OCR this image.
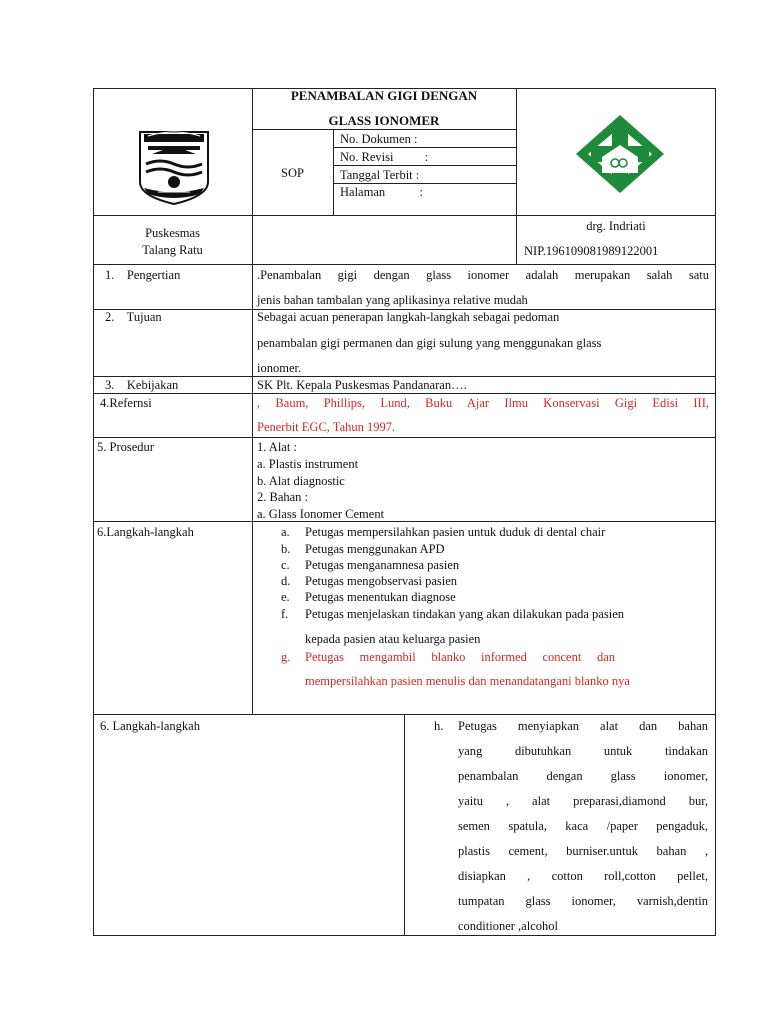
PENAMBALAN GIGI DENGAN
GLASS IONOMER
SOP
No. Dokumen :
No. Revisi          :
Tanggal Terbit :
Halaman           :
Puskesmas
Talang Ratu
drg. Indriati
NIP.196109081989122001
1.    Pengertian	.Penambalan gigi dengan glass ionomer adalah merupakan salah satu
jenis bahan tambalan yang aplikasinya relative mudah
2.    Tujuan	Sebagai acuan penerapan langkah-langkah sebagai pedoman
penambalan gigi permanen dan gigi sulung yang menggunakan glass
ionomer.
3.    Kebijakan	SK Plt. Kepala Puskesmas Pandanaran….
4.Refernsi	, Baum, Phillips, Lund, Buku Ajar Ilmu Konservasi Gigi Edisi III,
Penerbit EGC, Tahun 1997.
5. Prosedur	1. Alat :
a. Plastis instrument
b. Alat diagnostic
2. Bahan :
a. Glass Ionomer Cement
6.Langkah-langkah	a. Petugas mempersilahkan pasien untuk duduk di dental chair
b. Petugas menggunakan APD
c. Petugas menganamnesa pasien
d. Petugas mengobservasi pasien
e. Petugas menentukan diagnose
f. Petugas menjelaskan tindakan yang akan dilakukan pada pasien
kepada pasien atau keluarga pasien
g. Petugas     mengambil     blanko     informed     concent     dan
mempersilahkan pasien menulis dan menandatangani blanko nya
6. Langkah-langkah	h. Petugas menyiapkan alat dan bahan
yang dibutuhkan untuk tindakan
penambalan dengan glass ionomer,
yaitu , alat preparasi,diamond bur,
semen spatula, kaca /paper pengaduk,
plastis cement, burniser.untuk bahan ,
disiapkan , cotton roll,cotton pellet,
tumpatan glass ionomer, varnish,dentin
conditioner ,alcohol
